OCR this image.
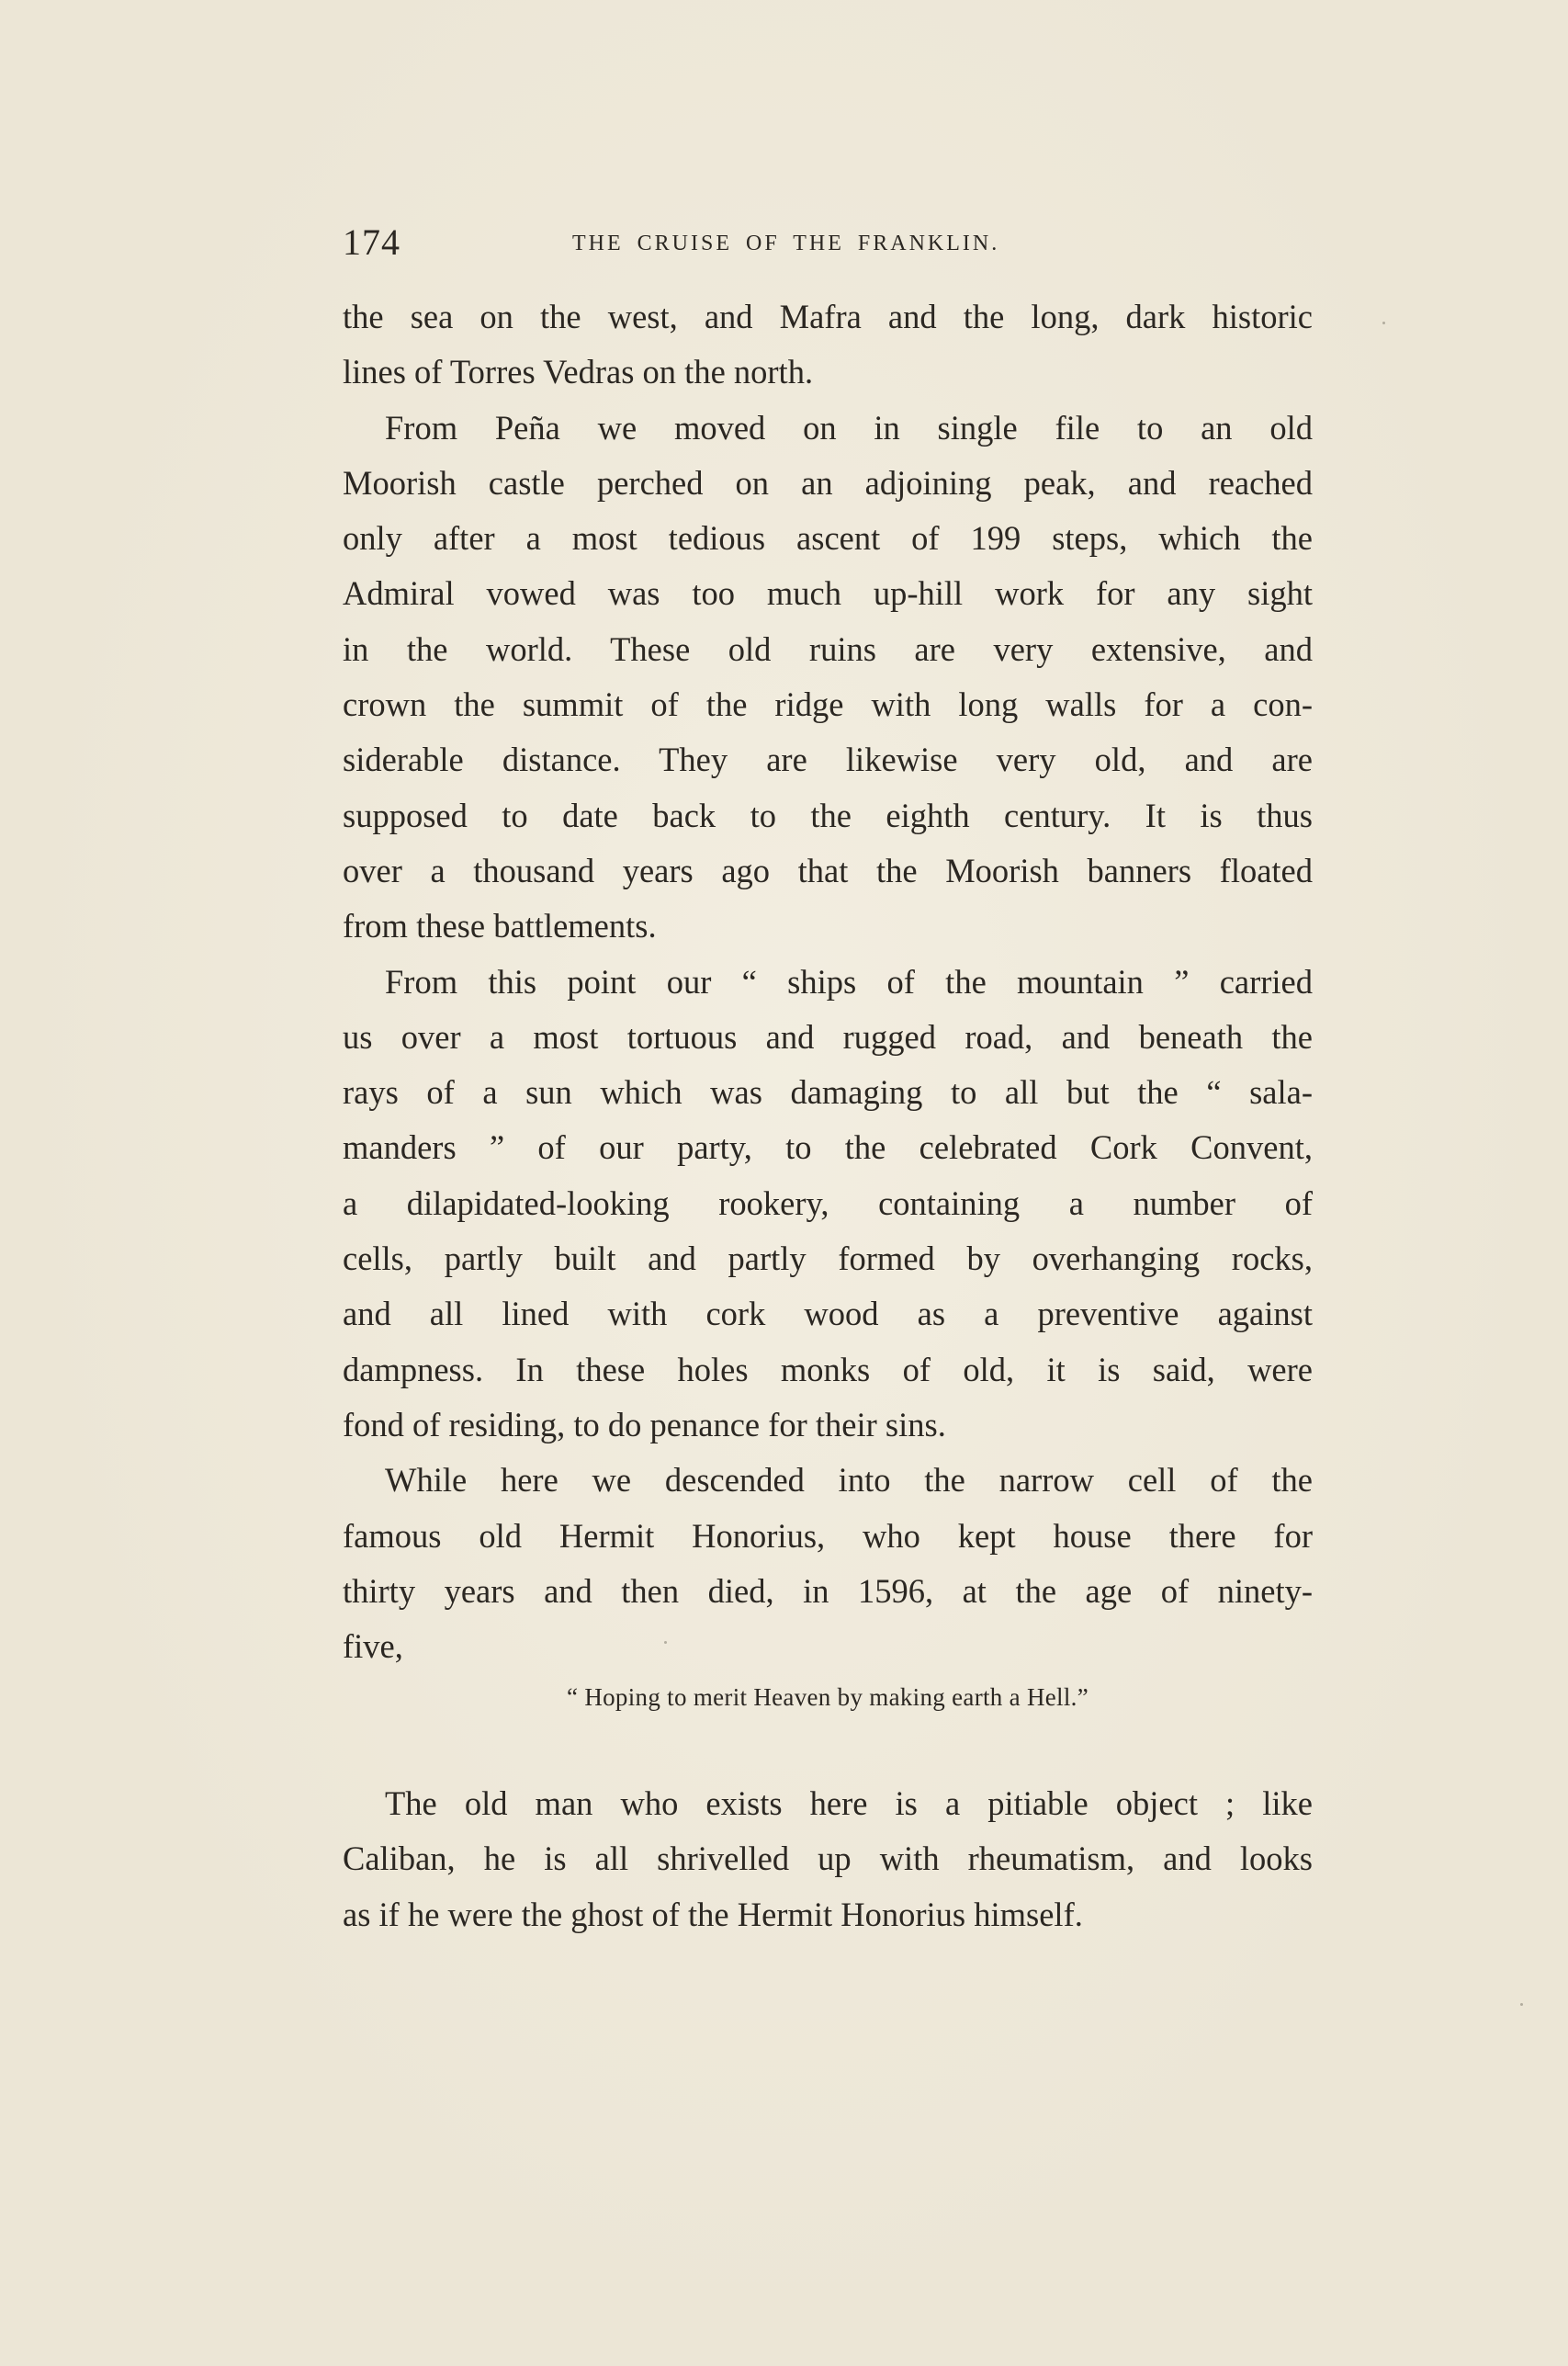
174	THE CRUISE OF THE FRANKLIN.
the sea on the west, and Mafra and the long, dark historic
lines of Torres Vedras on the north.
From Peña we moved on in single file to an old
Moorish castle perched on an adjoining peak, and reached
only after a most tedious ascent of 199 steps, which the
Admiral vowed was too much up-hill work for any sight
in the world. These old ruins are very extensive, and
crown the summit of the ridge with long walls for a con-
siderable distance. They are likewise very old, and are
supposed to date back to the eighth century. It is thus
over a thousand years ago that the Moorish banners floated
from these battlements.
From this point our “ ships of the mountain ” carried
us over a most tortuous and rugged road, and beneath the
rays of a sun which was damaging to all but the “ sala-
manders ” of our party, to the celebrated Cork Convent,
a dilapidated-looking rookery, containing a number of
cells, partly built and partly formed by overhanging rocks,
and all lined with cork wood as a preventive against
dampness. In these holes monks of old, it is said, were
fond of residing, to do penance for their sins.
While here we descended into the narrow cell of the
famous old Hermit Honorius, who kept house there for
thirty years and then died, in 1596, at the age of ninety-
five,
“ Hoping to merit Heaven by making earth a Hell.”
The old man who exists here is a pitiable object ; like
Caliban, he is all shrivelled up with rheumatism, and looks
as if he were the ghost of the Hermit Honorius himself.
